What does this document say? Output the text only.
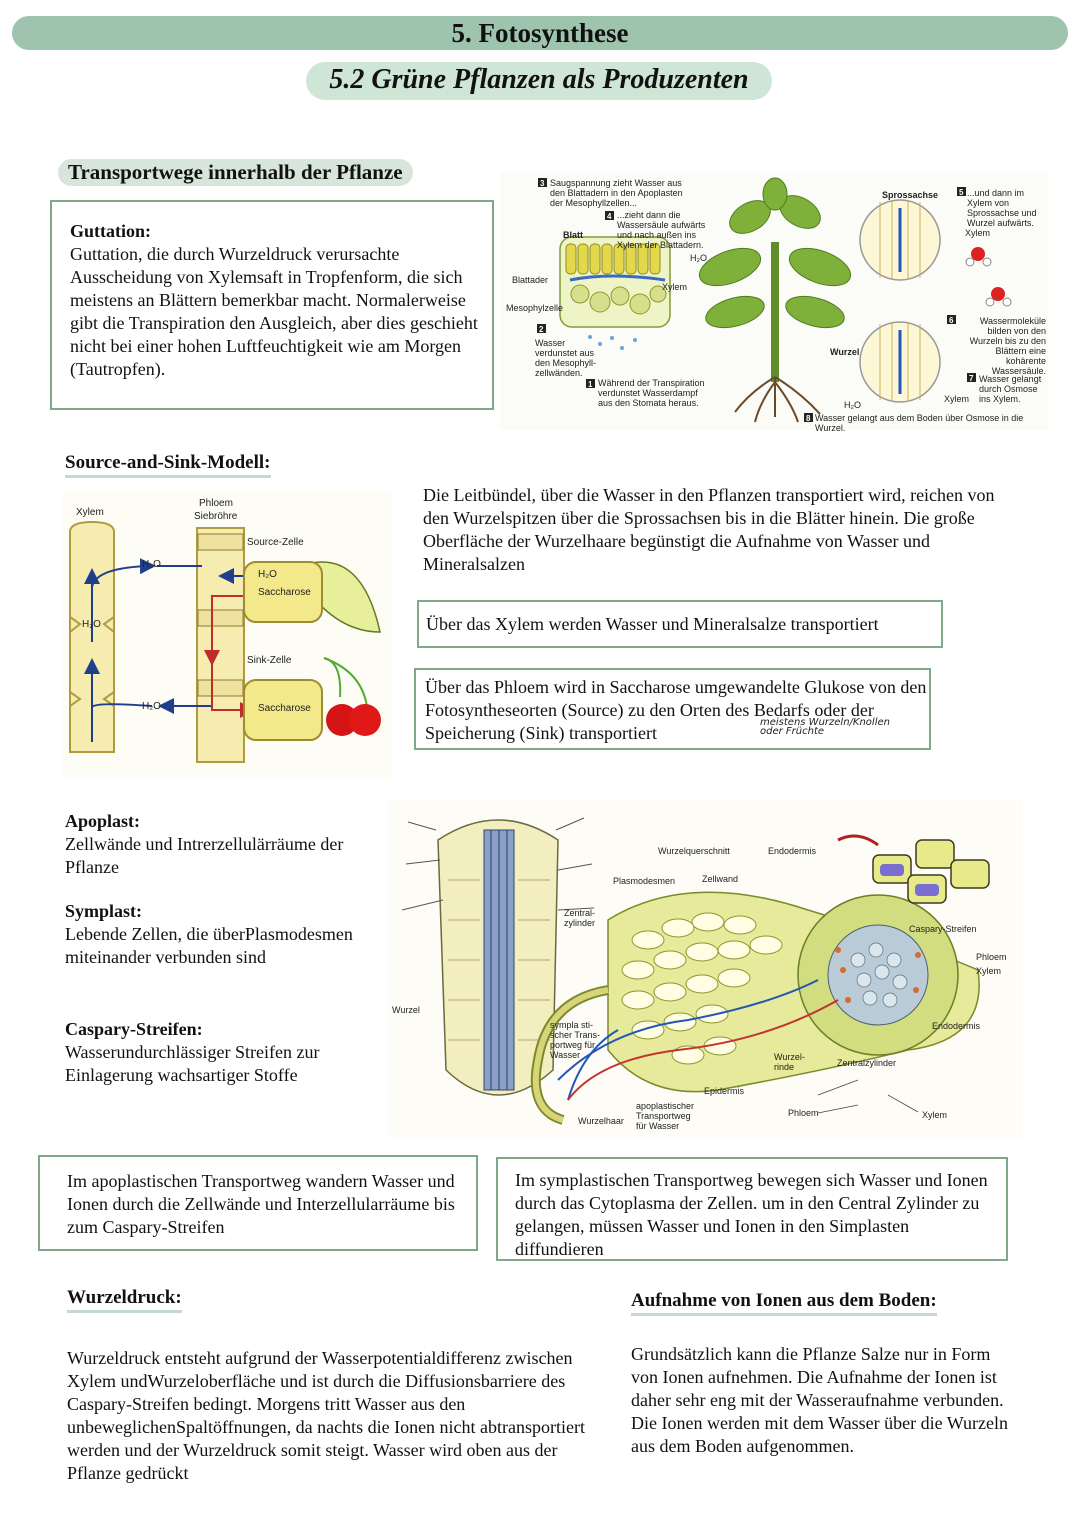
5. Fotosynthese
5.2 Grüne Pflanzen als Produzenten
Transportwege innerhalb der Pflanze
Guttation:
Guttation, die durch Wurzeldruck verursachte Ausscheidung von Xylemsaft in Tropfenform, die sich meistens an Blättern bemerkbar macht. Normalerweise gibt die Transpiration den Ausgleich, aber dies geschieht nicht bei einer hohen Luftfeuchtigkeit wie am Morgen (Tautropfen).
3
4
2
1
5
6
7
8
Saugspannung zieht Wasser aus den Blattadern in den Apoplasten der Mesophyllzellen...
...zieht dann die Wassersäule aufwärts und nach außen ins Xylem der Blattadern.
Wasser verdunstet aus den Mesophyll-zellwänden.
Während der Transpiration verdunstet Wasserdampf aus den Stomata heraus.
...und dann im Xylem von Sprossachse und Wurzel aufwärts.
Wassermoleküle bilden von den Wurzeln bis zu den Blättern eine kohärente Wassersäule.
Wasser gelangt durch Osmose ins Xylem.
Wasser gelangt aus dem Boden über Osmose in die Wurzel.
Blatt
Blattader
Mesophylzelle
Xylem
H₂O
Sprossachse
Wurzel
Xylem
Xylem
H₂O
Source-and-Sink-Modell:
Xylem
Phloem
Siebröhre
Source-Zelle
Sink-Zelle
H₂O
H₂O
H₂O
H₂O
Saccharose
Saccharose
Die Leitbündel, über die Wasser in den Pflanzen transportiert wird, reichen von den Wurzelspitzen über die Sprossachsen bis in die Blätter hinein. Die große Oberfläche der Wurzelhaare begünstigt die Aufnahme von Wasser und Mineralsalzen
Über das Xylem werden Wasser und Mineralsalze transportiert
Über das Phloem wird in Saccharose umgewandelte Glukose von den Fotosyntheseorten (Source) zu den Orten des Bedarfs oder der Speicherung (Sink) transportiert
meistens Wurzeln/Knollen
oder Früchte
Apoplast:
Zellwände und Intrerzellulärräume der Pflanze
Symplast:
Lebende Zellen, die überPlasmodesmen miteinander verbunden sind
Caspary-Streifen:
Wasserundurchlässiger Streifen zur Einlagerung wachsartiger Stoffe
Wurzel
Wurzelquerschnitt	Endodermis
Plasmodesmen	Zellwand
Zentral-
zylinder
Caspary-Streifen
Phloem
Xylem
Endodermis
sympla sti-
scher Trans-
portweg für
Wasser	Wurzel-
rinde	Zentralzylinder
Epidermis
apoplastischer
Transportweg
für Wasser
Wurzelhaar
Phloem	Xylem
Im apoplastischen Transportweg wandern Wasser und Ionen durch die Zellwände und Interzellularräume bis zum Caspary-Streifen
Im symplastischen Transportweg bewegen sich Wasser und Ionen durch das Cytoplasma der Zellen. um in den Central Zylinder zu gelangen, müssen Wasser und Ionen in den Simplasten diffundieren
Wurzeldruck:
Wurzeldruck entsteht aufgrund der Wasserpotentialdifferenz zwischen Xylem undWurzeloberfläche und ist durch die Diffusionsbarriere des Caspary-Streifen bedingt. Morgens tritt Wasser aus den unbeweglichenSpaltöffnungen, da nachts die Ionen nicht abtransportiert werden und der Wurzeldruck somit steigt. Wasser wird oben aus der Pflanze gedrückt
Aufnahme von Ionen aus dem Boden:
Grundsätzlich kann die Pflanze Salze nur in Form von Ionen aufnehmen. Die Aufnahme der Ionen ist daher sehr eng mit der Wasseraufnahme verbunden. Die Ionen werden mit dem Wasser über die Wurzeln aus dem Boden aufgenommen.
